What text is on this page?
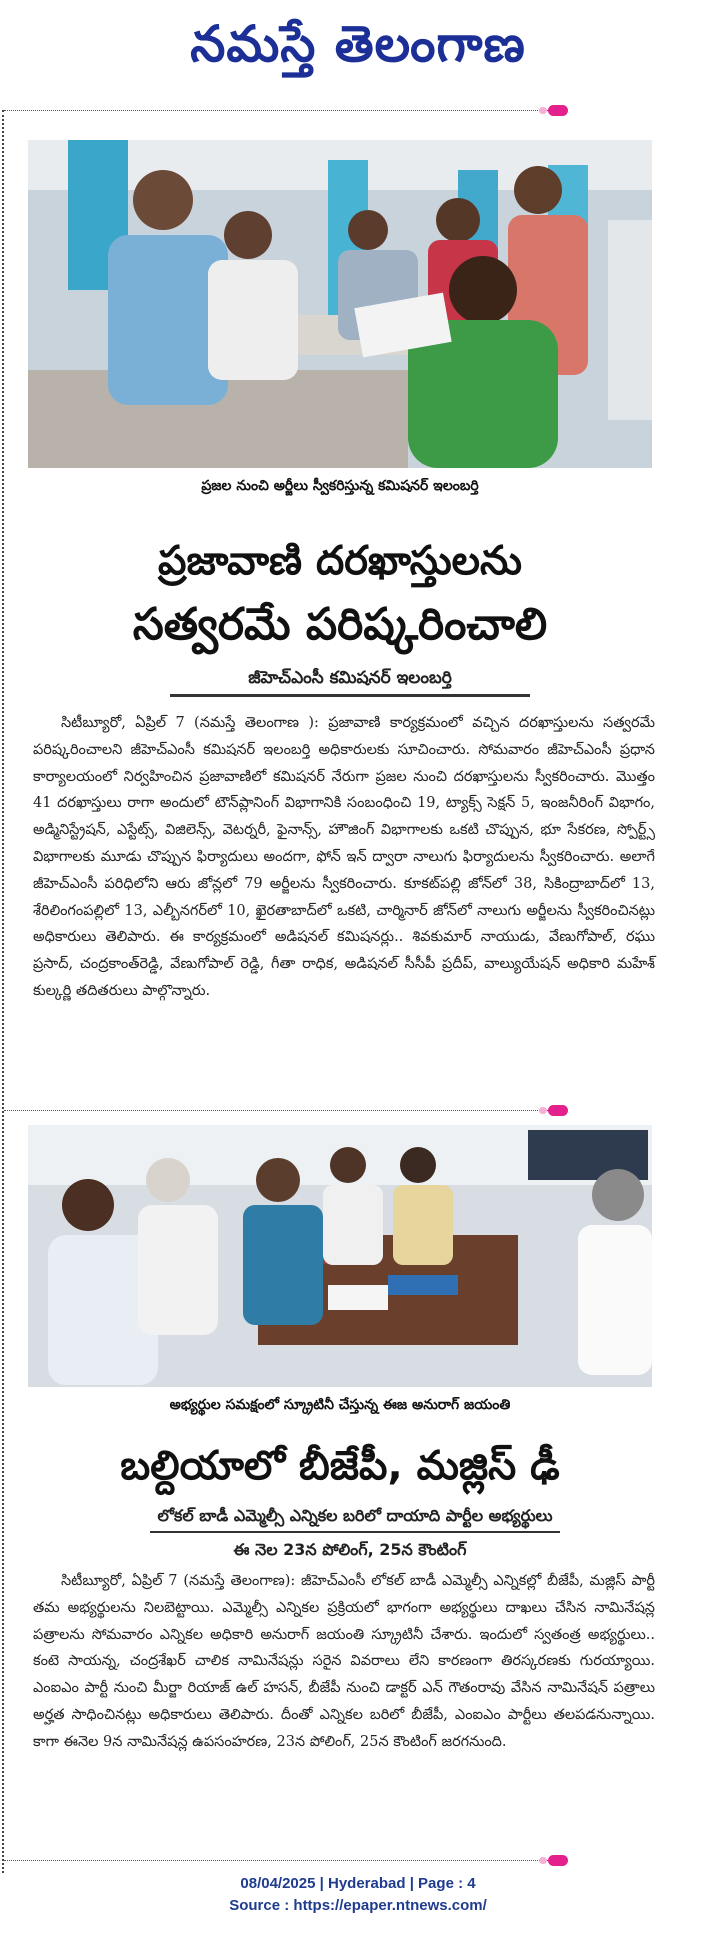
నమస్తే తెలంగాణ
ప్రజల నుంచి అర్జీలు స్వీకరిస్తున్న కమిషనర్ ఇలంబర్తి
ప్రజావాణి దరఖాస్తులను
సత్వరమే పరిష్కరించాలి
జీహెచ్ఎంసీ కమిషనర్ ఇలంబర్తి

సిటీబ్యూరో, ఏప్రిల్ 7 (నమస్తే తెలంగాణ ): ప్రజావాణి కార్యక్రమంలో వచ్చిన దరఖాస్తులను సత్వరమే పరిష్కరించాలని జీహెచ్ఎంసీ కమిషనర్ ఇలంబర్తి అధికారులకు సూచించారు. సోమవారం జీహెచ్ఎంసీ ప్రధాన కార్యాలయంలో నిర్వహించిన ప్రజావాణిలో కమిషనర్ నేరుగా ప్రజల నుంచి దరఖాస్తులను స్వీకరించారు. మొత్తం 41 దరఖాస్తులు రాగా అందులో టౌన్‌ప్లానింగ్ విభాగానికి సంబంధించి 19, ట్యాక్స్ సెక్షన్ 5, ఇంజనీరింగ్ విభాగం, అడ్మినిస్ట్రేషన్, ఎస్టేట్స్, విజిలెన్స్, వెటర్నరీ, ఫైనాన్స్, హౌజింగ్ విభాగాలకు ఒకటి చొప్పున, భూ సేకరణ, స్పోర్ట్స్ విభాగాలకు మూడు చొప్పున ఫిర్యాదులు అందగా, ఫోన్ ఇన్ ద్వారా నాలుగు ఫిర్యాదులను స్వీకరించారు. అలాగే జీహెచ్ఎంసీ పరిధిలోని ఆరు జోన్లలో 79 అర్జీలను స్వీకరించారు. కూకట్‌పల్లి జోన్‌లో 38, సికింద్రాబాద్‌లో 13, శేరిలింగంపల్లిలో 13, ఎల్బీనగర్‌లో 10, ఖైరతాబాద్‌లో ఒకటి, చార్మినార్ జోన్‌లో నాలుగు అర్జీలను స్వీకరించినట్లు అధికారులు తెలిపారు. ఈ కార్యక్రమంలో అడిషనల్ కమిషనర్లు.. శివకుమార్ నాయుడు, వేణుగోపాల్, రఘు ప్రసాద్, చంద్రకాంత్‌రెడ్డి, వేణుగోపాల్ రెడ్డి, గీతా రాధిక, అడిషనల్ సీసీపీ ప్రదీప్, వాల్యుయేషన్ అధికారి మహేశ్ కుల్కర్ణి తదితరులు పాల్గొన్నారు.

అభ్యర్థుల సమక్షంలో స్క్రూటినీ చేస్తున్న ఈజ అనురాగ్ జయంతి
బల్దియాలో బీజేపీ, మజ్లిస్ ఢీ
లోకల్ బాడీ ఎమ్మెల్సీ ఎన్నికల బరిలో దాయాది పార్టీల అభ్యర్థులు
ఈ నెల 23న పోలింగ్, 25న కౌంటింగ్

సిటీబ్యూరో, ఏప్రిల్ 7 (నమస్తే తెలంగాణ): జీహెచ్ఎంసీ లోకల్ బాడీ ఎమ్మెల్సీ ఎన్నికల్లో బీజేపీ, మజ్లిస్ పార్టీ తమ అభ్యర్థులను నిలబెట్టాయి. ఎమ్మెల్సీ ఎన్నికల ప్రక్రియలో భాగంగా అభ్యర్థులు దాఖలు చేసిన నామినేషన్ల పత్రాలను సోమవారం ఎన్నికల అధికారి అనురాగ్ జయంతి స్క్రూటినీ చేశారు. ఇందులో స్వతంత్ర అభ్యర్థులు.. కంటె సాయన్న, చంద్రశేఖర్ చాలిక నామినేషన్లు సరైన వివరాలు లేని కారణంగా తిరస్కరణకు గురయ్యాయి. ఎంఐఎం పార్టీ నుంచి మీర్జా రియాజ్ ఉల్ హసన్, బీజేపీ నుంచి డాక్టర్ ఎన్ గౌతంరావు వేసిన నామినేషన్ పత్రాలు అర్హత సాధించినట్లు అధికారులు తెలిపారు. దీంతో ఎన్నికల బరిలో బీజేపీ, ఎంఐఎం పార్టీలు తలపడనున్నాయి. కాగా ఈనెల 9న నామినేషన్ల ఉపసంహరణ, 23న పోలింగ్, 25న కౌంటింగ్ జరగనుంది.

08/04/2025 | Hyderabad | Page : 4
Source : https://epaper.ntnews.com/
